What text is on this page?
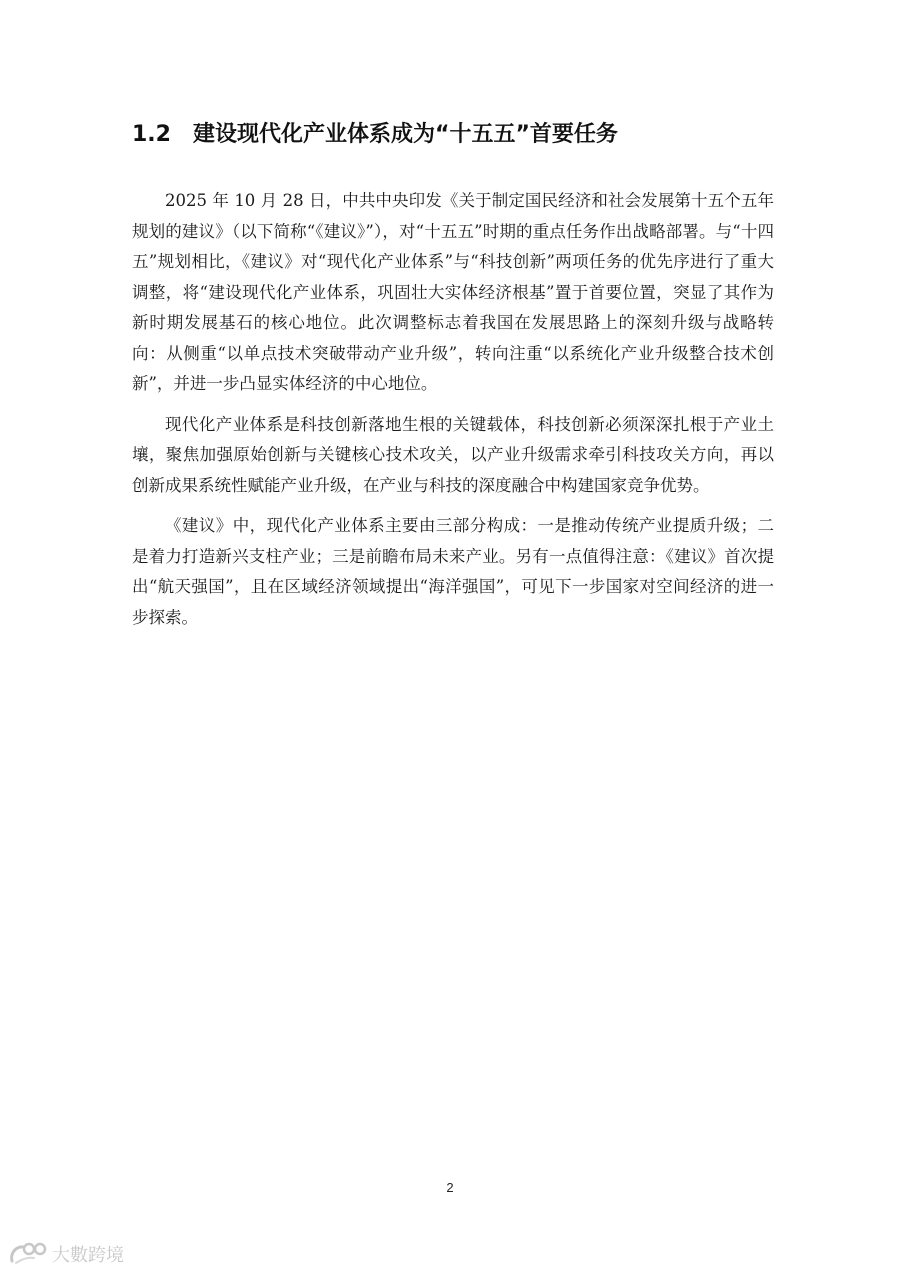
1.2 建设现代化产业体系成为“十五五”首要任务

2025 年 10 月 28 日，中共中央印发《关于制定国民经济和社会发展第十五个五年规划的建议》（以下简称“《建议》”），对“十五五”时期的重点任务作出战略部署。与“十四五”规划相比，《建议》对“现代化产业体系”与“科技创新”两项任务的优先序进行了重大调整，将“建设现代化产业体系，巩固壮大实体经济根基”置于首要位置，突显了其作为新时期发展基石的核心地位。此次调整标志着我国在发展思路上的深刻升级与战略转向：从侧重“以单点技术突破带动产业升级”，转向注重“以系统化产业升级整合技术创新”，并进一步凸显实体经济的中心地位。

现代化产业体系是科技创新落地生根的关键载体，科技创新必须深深扎根于产业土壤，聚焦加强原始创新与关键核心技术攻关，以产业升级需求牵引科技攻关方向，再以创新成果系统性赋能产业升级，在产业与科技的深度融合中构建国家竞争优势。

《建议》中，现代化产业体系主要由三部分构成：一是推动传统产业提质升级；二是着力打造新兴支柱产业；三是前瞻布局未来产业。另有一点值得注意：《建议》首次提出“航天强国”，且在区域经济领域提出“海洋强国”，可见下一步国家对空间经济的进一步探索。

2
大數跨境
